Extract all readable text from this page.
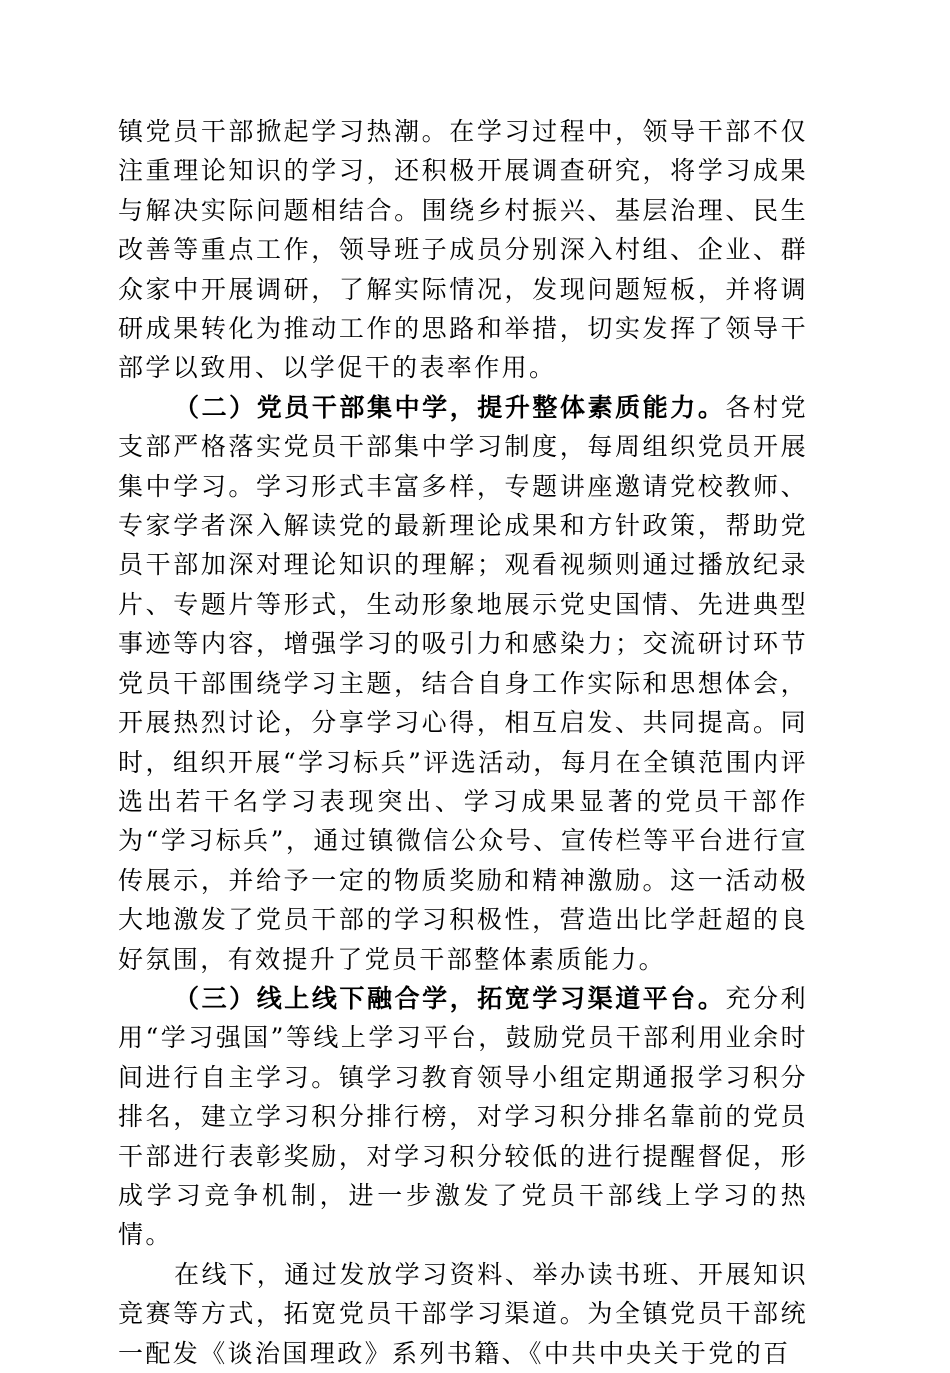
镇党员干部掀起学习热潮。在学习过程中，领导干部不仅注重理论知识的学习，还积极开展调查研究，将学习成果与解决实际问题相结合。围绕乡村振兴、基层治理、民生改善等重点工作，领导班子成员分别深入村组、企业、群众家中开展调研，了解实际情况，发现问题短板，并将调研成果转化为推动工作的思路和举措，切实发挥了领导干部学以致用、以学促干的表率作用。

（二）党员干部集中学，提升整体素质能力。各村党支部严格落实党员干部集中学习制度，每周组织党员开展集中学习。学习形式丰富多样，专题讲座邀请党校教师、专家学者深入解读党的最新理论成果和方针政策，帮助党员干部加深对理论知识的理解；观看视频则通过播放纪录片、专题片等形式，生动形象地展示党史国情、先进典型事迹等内容，增强学习的吸引力和感染力；交流研讨环节党员干部围绕学习主题，结合自身工作实际和思想体会，开展热烈讨论，分享学习心得，相互启发、共同提高。同时，组织开展“学习标兵”评选活动，每月在全镇范围内评选出若干名学习表现突出、学习成果显著的党员干部作为“学习标兵”，通过镇微信公众号、宣传栏等平台进行宣传展示，并给予一定的物质奖励和精神激励。这一活动极大地激发了党员干部的学习积极性，营造出比学赶超的良好氛围，有效提升了党员干部整体素质能力。

（三）线上线下融合学，拓宽学习渠道平台。充分利用“学习强国”等线上学习平台，鼓励党员干部利用业余时间进行自主学习。镇学习教育领导小组定期通报学习积分排名，建立学习积分排行榜，对学习积分排名靠前的党员干部进行表彰奖励，对学习积分较低的进行提醒督促，形成学习竞争机制，进一步激发了党员干部线上学习的热情。

在线下，通过发放学习资料、举办读书班、开展知识竞赛等方式，拓宽党员干部学习渠道。为全镇党员干部统一配发《谈治国理政》系列书籍、《中共中央关于党的百
